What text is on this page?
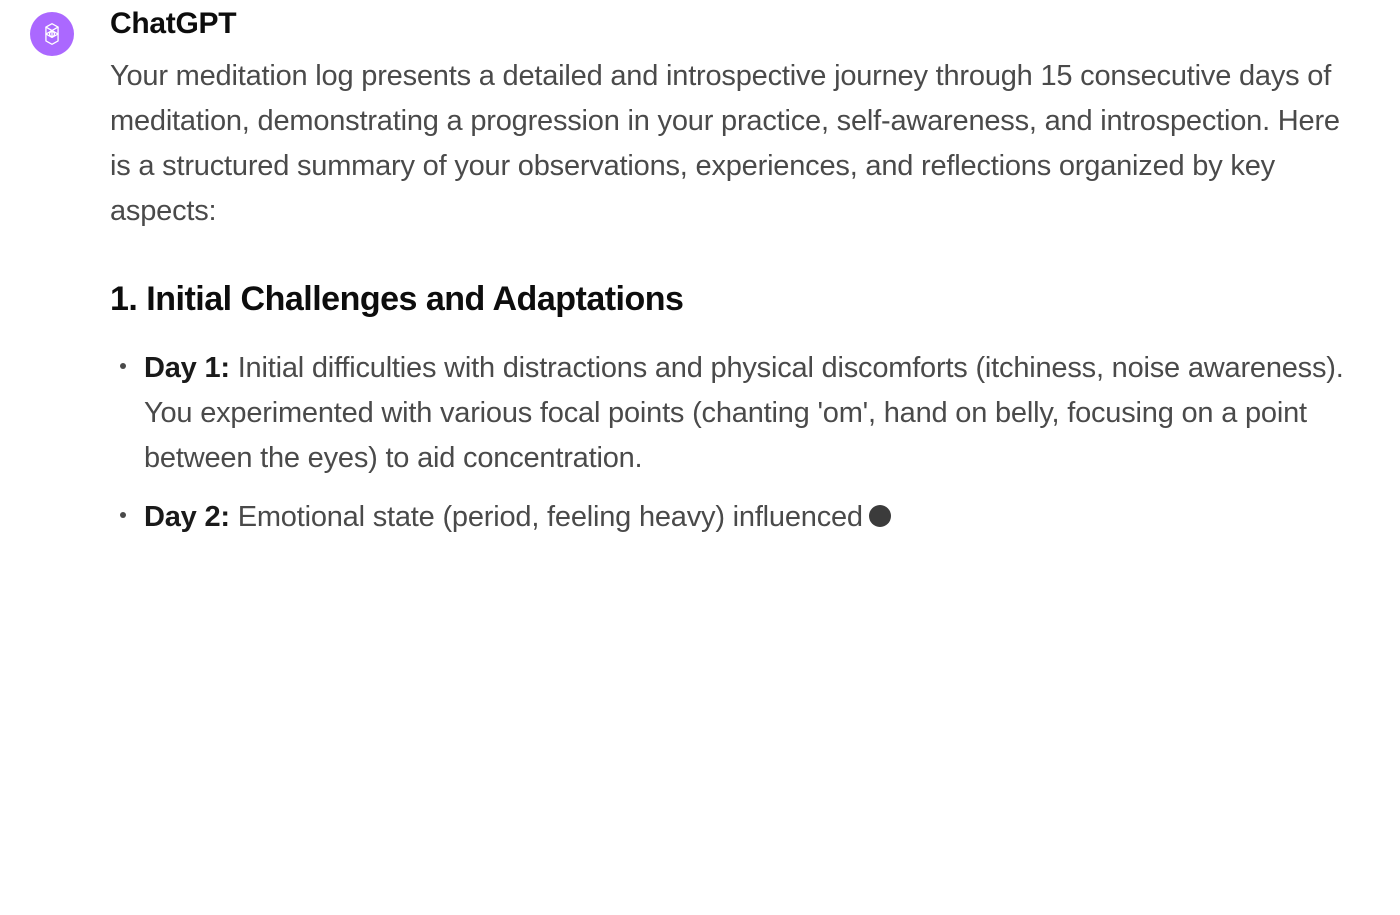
ChatGPT

Your meditation log presents a detailed and introspective journey through 15 consecutive days of meditation, demonstrating a progression in your practice, self-awareness, and introspection. Here is a structured summary of your observations, experiences, and reflections organized by key aspects:

1. Initial Challenges and Adaptations
Day 1: Initial difficulties with distractions and physical discomforts (itchiness, noise awareness). You experimented with various focal points (chanting 'om', hand on belly, focusing on a point between the eyes) to aid concentration.
Day 2: Emotional state (period, feeling heavy) influenced
